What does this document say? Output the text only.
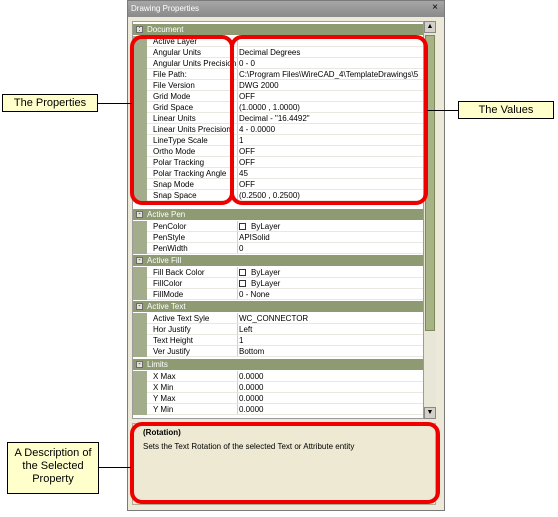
Drawing Properties	×
: Document
Active Layer
Angular Units	Decimal Degrees
Angular Units Precision 0 - 0
File Path:	C:\Program Files\WireCAD_4\TemplateDrawings\5
File Version	DWG 2000
Grid Mode	OFF
Grid Space	(1.0000 , 1.0000)
Linear Units	Decimal - "16.4492"
Linear Units Precision	4 - 0.0000
LineType Scale	1
Ortho Mode	OFF
Polar Tracking	OFF
Polar Tracking Angle	45
Snap Mode	OFF
Snap Space	(0.2500 , 0.2500)
- Active Pen
PenColor	ByLayer
PenStyle	APISolid
PenWidth	0
- Active Fill
Fill Back Color	ByLayer
FillColor	ByLayer
FillMode	0 - None
- Active Text
Active Text Syle	WC_CONNECTOR
Hor Justify	Left
Text Height	1
Ver Justify	Bottom
- Limits
X Max	0.0000
X Min	0.0000
Y Max	0.0000
Y Min	0.0000
▲
▼
(Rotation)
Sets the Text Rotation of the selected Text or Attribute entity
The Properties
The Values
A Description of the Selected Property
